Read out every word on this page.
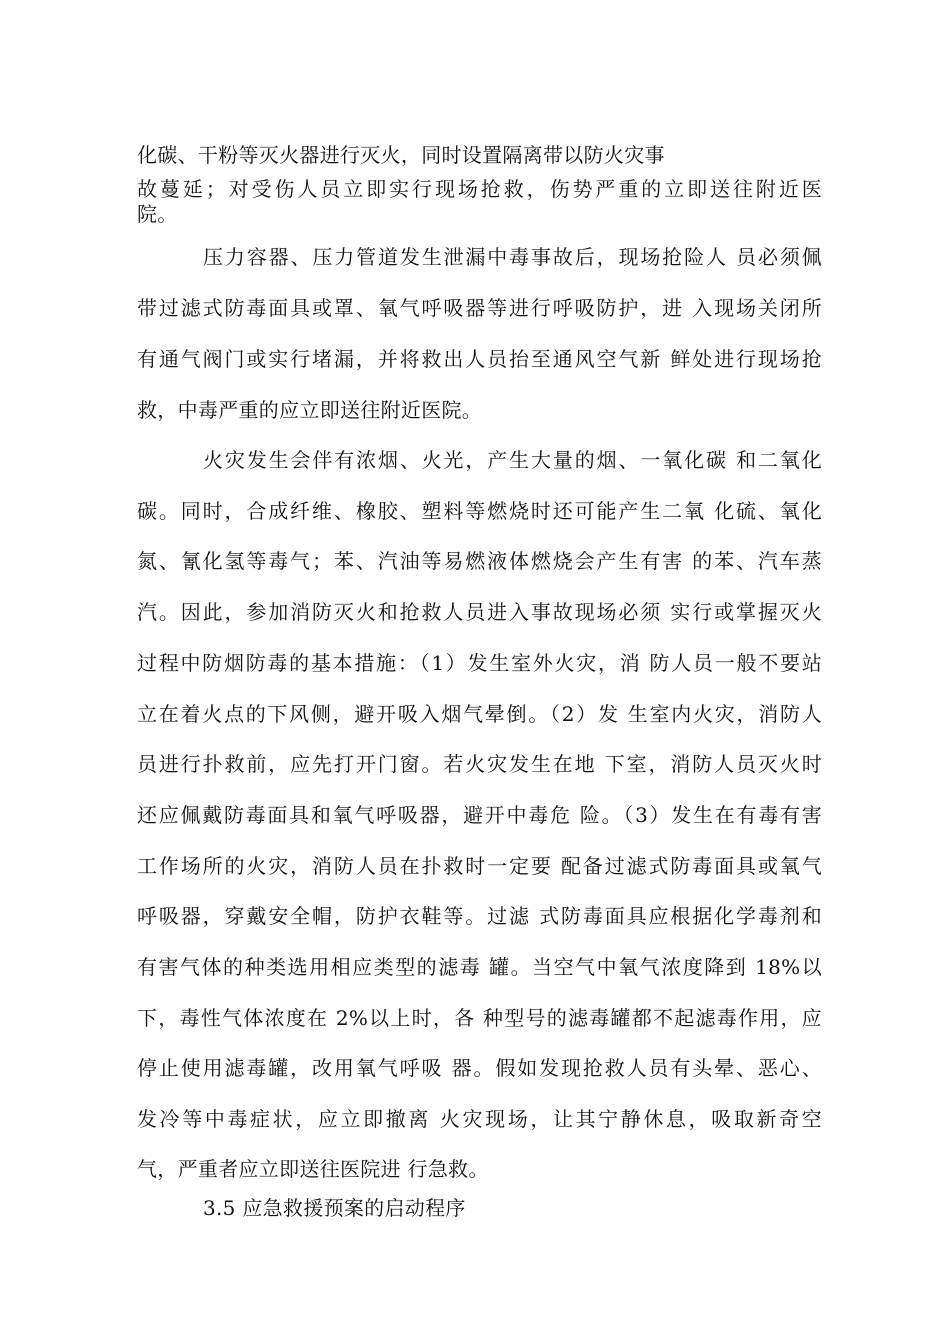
化碳、干粉等灭火器进行灭火，同时设置隔离带以防火灾事
故蔓延；对受伤人员立即实行现场抢救，伤势严重的立即送往附近医
院。
压力容器、压力管道发生泄漏中毒事故后，现场抢险人 员必须佩
带过滤式防毒面具或罩、氧气呼吸器等进行呼吸防护，进 入现场关闭所
有通气阀门或实行堵漏，并将救出人员抬至通风空气新 鲜处进行现场抢
救，中毒严重的应立即送往附近医院。
火灾发生会伴有浓烟、火光，产生大量的烟、一氧化碳 和二氧化
碳。同时，合成纤维、橡胶、塑料等燃烧时还可能产生二氧 化硫、氧化
氮、氰化氢等毒气；苯、汽油等易燃液体燃烧会产生有害 的苯、汽车蒸
汽。因此，参加消防灭火和抢救人员进入事故现场必须 实行或掌握灭火
过程中防烟防毒的基本措施：（1）发生室外火灾，消 防人员一般不要站
立在着火点的下风侧，避开吸入烟气晕倒。（2）发 生室内火灾，消防人
员进行扑救前，应先打开门窗。若火灾发生在地 下室，消防人员灭火时
还应佩戴防毒面具和氧气呼吸器，避开中毒危 险。（3）发生在有毒有害
工作场所的火灾，消防人员在扑救时一定要 配备过滤式防毒面具或氧气
呼吸器，穿戴安全帽，防护衣鞋等。过滤 式防毒面具应根据化学毒剂和
有害气体的种类选用相应类型的滤毒 罐。当空气中氧气浓度降到 18%以
下，毒性气体浓度在 2%以上时，各 种型号的滤毒罐都不起滤毒作用，应
停止使用滤毒罐，改用氧气呼吸 器。假如发现抢救人员有头晕、恶心、
发冷等中毒症状，应立即撤离 火灾现场，让其宁静休息，吸取新奇空
气，严重者应立即送往医院进 行急救。
3.5 应急救援预案的启动程序
